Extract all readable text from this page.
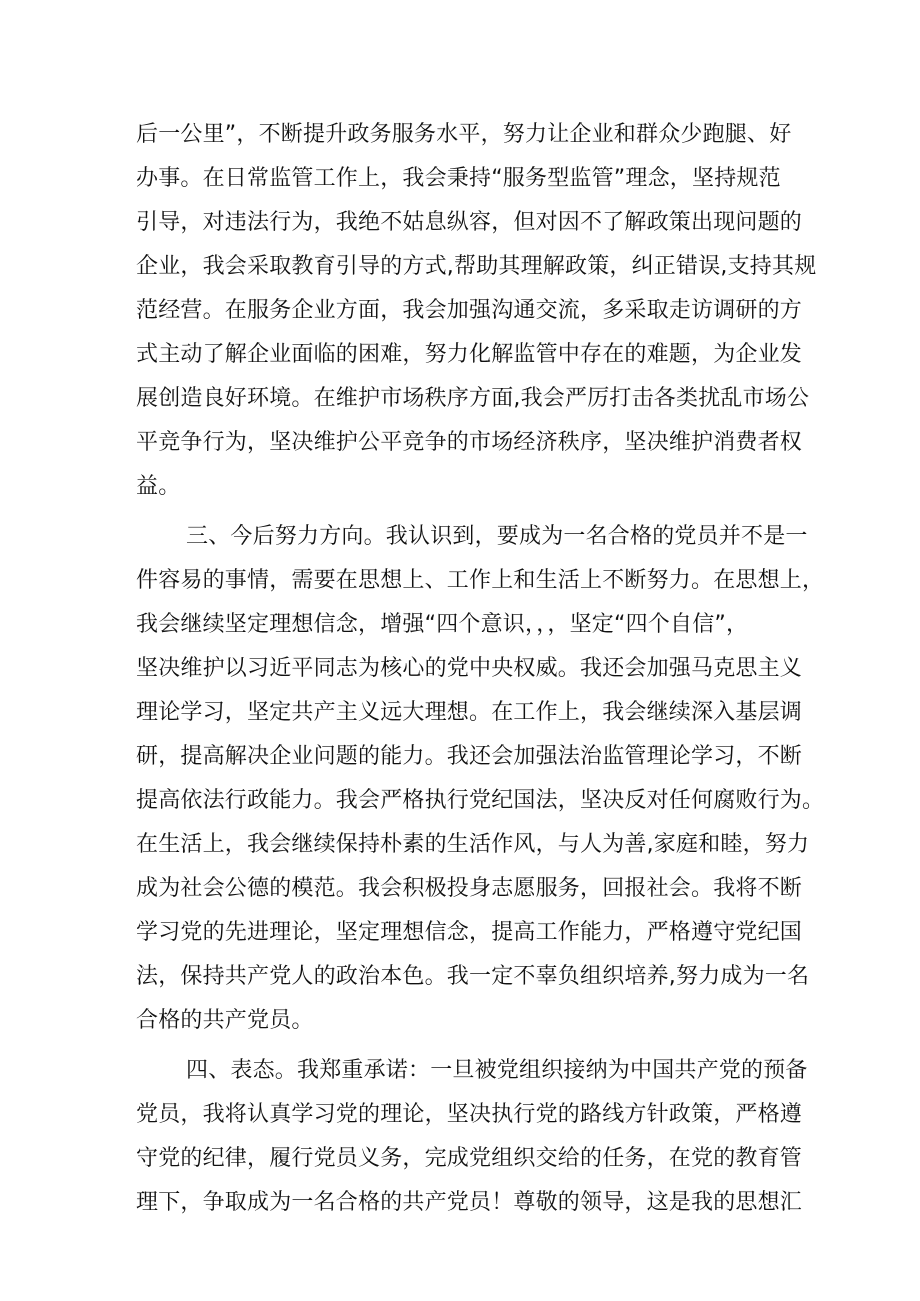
后一公里”，不断提升政务服务水平，努力让企业和群众少跑腿、好
办事。在日常监管工作上，我会秉持“服务型监管”理念，坚持规范
引导，对违法行为，我绝不姑息纵容，但对因不了解政策出现问题的
企业，我会采取教育引导的方式,帮助其理解政策，纠正错误,支持其规
范经营。在服务企业方面，我会加强沟通交流，多采取走访调研的方
式主动了解企业面临的困难，努力化解监管中存在的难题，为企业发
展创造良好环境。在维护市场秩序方面,我会严厉打击各类扰乱市场公
平竞争行为，坚决维护公平竞争的市场经济秩序，坚决维护消费者权
益。
三、今后努力方向。我认识到，要成为一名合格的党员并不是一
件容易的事情，需要在思想上、工作上和生活上不断努力。在思想上，
我会继续坚定理想信念，增强“四个意识，，，坚定“四个自信”，
坚决维护以习近平同志为核心的党中央权威。我还会加强马克思主义
理论学习，坚定共产主义远大理想。在工作上，我会继续深入基层调
研，提高解决企业问题的能力。我还会加强法治监管理论学习，不断
提高依法行政能力。我会严格执行党纪国法，坚决反对任何腐败行为。
在生活上，我会继续保持朴素的生活作风，与人为善,家庭和睦，努力
成为社会公德的模范。我会积极投身志愿服务，回报社会。我将不断
学习党的先进理论，坚定理想信念，提高工作能力，严格遵守党纪国
法，保持共产党人的政治本色。我一定不辜负组织培养,努力成为一名
合格的共产党员。
四、表态。我郑重承诺：一旦被党组织接纳为中国共产党的预备
党员，我将认真学习党的理论，坚决执行党的路线方针政策，严格遵
守党的纪律，履行党员义务，完成党组织交给的任务，在党的教育管
理下，争取成为一名合格的共产党员！尊敬的领导，这是我的思想汇
